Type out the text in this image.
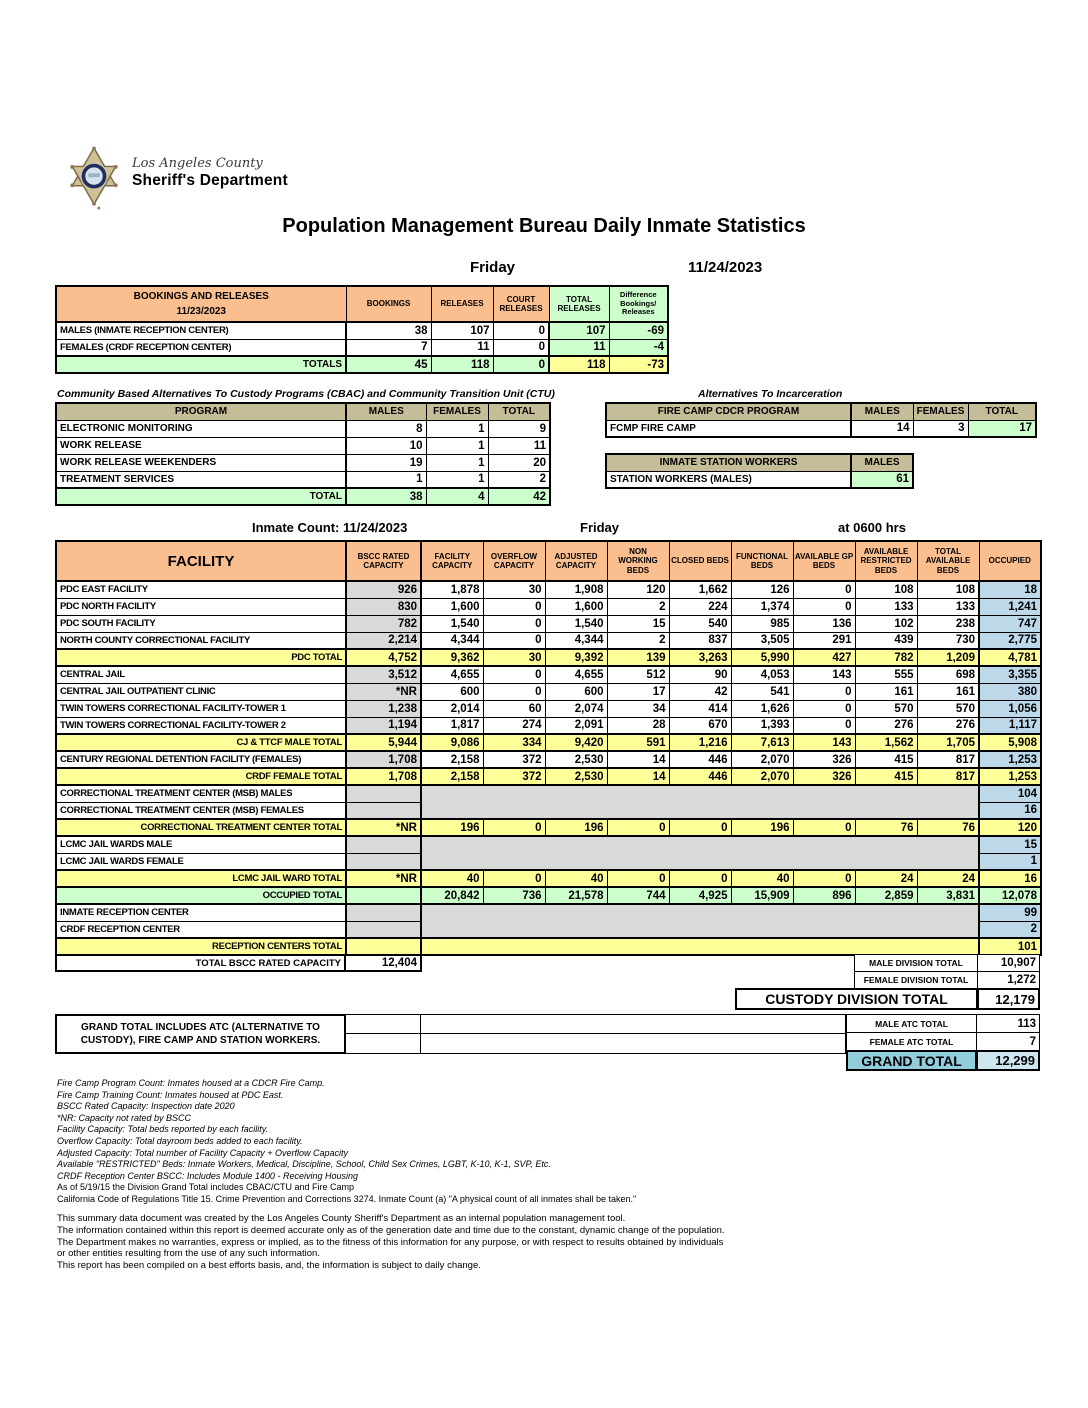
Los Angeles County
Sheriff's Department
Population Management Bureau Daily Inmate Statistics
Friday	11/24/2023
BOOKINGS AND RELEASES
11/23/2023	BOOKINGS	RELEASES	COURT RELEASES	TOTAL RELEASES	Difference Bookings/ Releases
MALES (INMATE RECEPTION CENTER)	38	107	0	107	-69
FEMALES (CRDF RECEPTION CENTER)	7	11	0	11	-4
TOTALS	45	118	0	118	-73
Community Based Alternatives To Custody Programs (CBAC) and Community Transition Unit (CTU)
PROGRAM	MALES	FEMALES	TOTAL
ELECTRONIC MONITORING	8	1	9
WORK RELEASE	10	1	11
WORK RELEASE WEEKENDERS	19	1	20
TREATMENT SERVICES	1	1	2
TOTAL	38	4	42
Alternatives To Incarceration
FIRE CAMP CDCR PROGRAM	MALES	FEMALES	TOTAL
FCMP FIRE CAMP	14	3	17
INMATE STATION WORKERS	MALES
STATION WORKERS (MALES)	61
Inmate Count: 11/24/2023	Friday	at 0600 hrs
FACILITY	BSCC RATED CAPACITY	FACILITY CAPACITY	OVERFLOW CAPACITY	ADJUSTED CAPACITY	NON WORKING BEDS	CLOSED BEDS	FUNCTIONAL BEDS	AVAILABLE GP BEDS	AVAILABLE RESTRICTED BEDS	TOTAL AVAILABLE BEDS	OCCUPIED
PDC EAST FACILITY	926	1,878	30	1,908	120	1,662	126	0	108	108	18
PDC NORTH FACILITY	830	1,600	0	1,600	2	224	1,374	0	133	133	1,241
PDC SOUTH FACILITY	782	1,540	0	1,540	15	540	985	136	102	238	747
NORTH COUNTY CORRECTIONAL FACILITY	2,214	4,344	0	4,344	2	837	3,505	291	439	730	2,775
PDC TOTAL	4,752	9,362	30	9,392	139	3,263	5,990	427	782	1,209	4,781
CENTRAL JAIL	3,512	4,655	0	4,655	512	90	4,053	143	555	698	3,355
CENTRAL JAIL OUTPATIENT CLINIC	*NR	600	0	600	17	42	541	0	161	161	380
TWIN TOWERS CORRECTIONAL FACILITY-TOWER 1	1,238	2,014	60	2,074	34	414	1,626	0	570	570	1,056
TWIN TOWERS CORRECTIONAL FACILITY-TOWER 2	1,194	1,817	274	2,091	28	670	1,393	0	276	276	1,117
CJ & TTCF MALE TOTAL	5,944	9,086	334	9,420	591	1,216	7,613	143	1,562	1,705	5,908
CENTURY REGIONAL DETENTION FACILITY (FEMALES)	1,708	2,158	372	2,530	14	446	2,070	326	415	817	1,253
CRDF FEMALE TOTAL	1,708	2,158	372	2,530	14	446	2,070	326	415	817	1,253
CORRECTIONAL TREATMENT CENTER (MSB) MALES											104
CORRECTIONAL TREATMENT CENTER (MSB) FEMALES											16
CORRECTIONAL TREATMENT CENTER TOTAL	*NR	196	0	196	0	0	196	0	76	76	120
LCMC JAIL WARDS MALE											15
LCMC JAIL WARDS FEMALE											1
LCMC JAIL WARD TOTAL	*NR	40	0	40	0	0	40	0	24	24	16
OCCUPIED TOTAL		20,842	736	21,578	744	4,925	15,909	896	2,859	3,831	12,078
INMATE RECEPTION CENTER											99
CRDF RECEPTION CENTER											2
RECEPTION CENTERS TOTAL											101
TOTAL BSCC RATED CAPACITY	12,404	MALE DIVISION TOTAL	10,907
FEMALE DIVISION TOTAL	1,272
CUSTODY DIVISION TOTAL	12,179
GRAND TOTAL INCLUDES ATC (ALTERNATIVE TO CUSTODY), FIRE CAMP AND STATION WORKERS.
MALE ATC TOTAL	113
FEMALE ATC TOTAL	7
GRAND TOTAL	12,299
Fire Camp Program Count: Inmates housed at a CDCR Fire Camp.
Fire Camp Training Count: Inmates housed at PDC East.
BSCC Rated Capacity: Inspection date 2020
*NR: Capacity not rated by BSCC
Facility Capacity: Total beds reported by each facility.
Overflow Capacity: Total dayroom beds added to each facility.
Adjusted Capacity: Total number of Facility Capacity + Overflow Capacity
Available "RESTRICTED" Beds: Inmate Workers, Medical, Discipline, School, Child Sex Crimes, LGBT, K-10, K-1, SVP, Etc.
CRDF Reception Center BSCC: Includes Module 1400 - Receiving Housing
As of 5/19/15 the Division Grand Total includes CBAC/CTU and Fire Camp
California Code of Regulations Title 15. Crime Prevention and Corrections 3274. Inmate Count (a) "A physical count of all inmates shall be taken."
This summary data document was created by the Los Angeles County Sheriff's Department as an internal population management tool.
The information contained within this report is deemed accurate only as of the generation date and time due to the constant, dynamic change of the population.
The Department makes no warranties, express or implied, as to the fitness of this information for any purpose, or with respect to results obtained by individuals
or other entities resulting from the use of any such information.
This report has been compiled on a best efforts basis, and, the information is subject to daily change.
